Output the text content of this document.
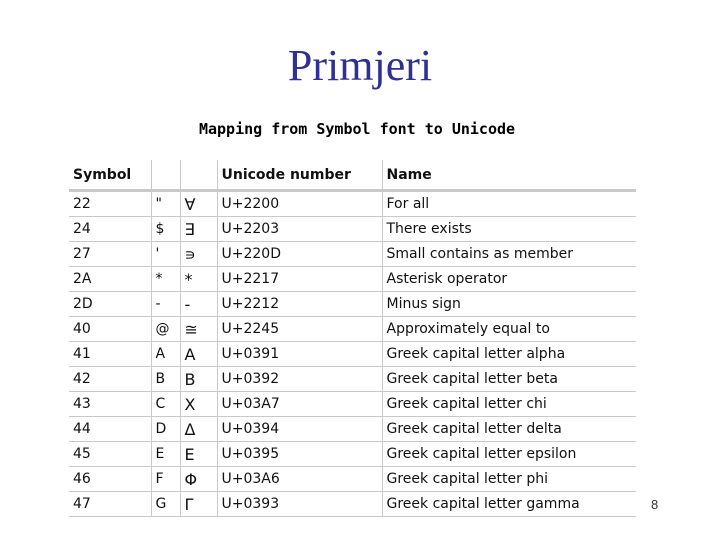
Primjeri
Mapping from Symbol font to Unicode
Symbol			Unicode number	Name
22	"	∀	U+2200	For all
24	$	∃	U+2203	There exists
27	'	∍	U+220D	Small contains as member
2A	*	*	U+2217	Asterisk operator
2D	-	-	U+2212	Minus sign
40	@	≅	U+2245	Approximately equal to
41	A	A	U+0391	Greek capital letter alpha
42	B	B	U+0392	Greek capital letter beta
43	C	X	U+03A7	Greek capital letter chi
44	D	Δ	U+0394	Greek capital letter delta
45	E	E	U+0395	Greek capital letter epsilon
46	F	Φ	U+03A6	Greek capital letter phi
47	G	Γ	U+0393	Greek capital letter gamma	8
